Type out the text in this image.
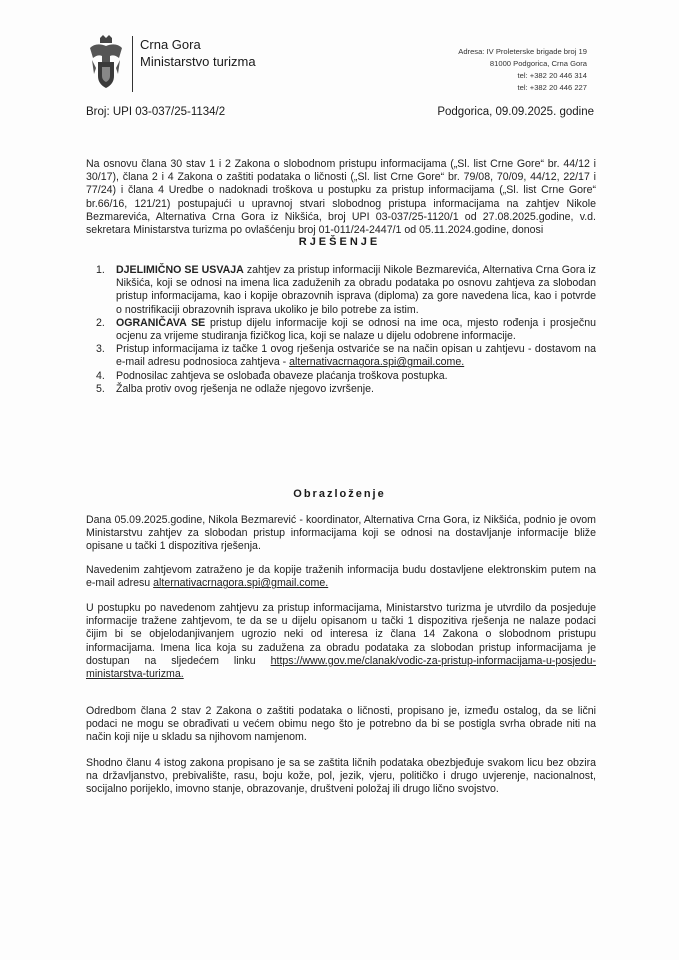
Crna Gora
Ministarstvo turizma
Adresa: IV Proleterske brigade broj 19
81000 Podgorica, Crna Gora
tel: +382 20 446 314
tel: +382 20 446 227
Broj: UPI 03-037/25-1134/2	Podgorica, 09.09.2025. godine
Na osnovu člana 30 stav 1 i 2 Zakona o slobodnom pristupu informacijama („Sl. list Crne Gore“ br. 44/12 i 30/17), člana 2 i 4 Zakona o zaštiti podataka o ličnosti („Sl. list Crne Gore“ br. 79/08, 70/09, 44/12, 22/17 i 77/24) i člana 4 Uredbe o nadoknadi troškova u postupku za pristup informacijama („Sl. list Crne Gore“ br.66/16, 121/21) postupajući u upravnoj stvari slobodnog pristupa informacijama na zahtjev Nikole Bezmarevića, Alternativa Crna Gora iz Nikšića, broj UPI 03-037/25-1120/1 od 27.08.2025.godine, v.d. sekretara Ministarstva turizma po ovlašćenju broj 01-011/24-2447/1 od 05.11.2024.godine, donosi
RJEŠENJE
1. DJELIMIČNO SE USVAJA zahtjev za pristup informaciji Nikole Bezmarevića, Alternativa Crna Gora iz Nikšića, koji se odnosi na imena lica zaduženih za obradu podataka po osnovu zahtjeva za slobodan pristup informacijama, kao i kopije obrazovnih isprava (diploma) za gore navedena lica, kao i potvrde o nostrifikaciji obrazovnih isprava ukoliko je bilo potrebe za istim.
2. OGRANIČAVA SE pristup dijelu informacije koji se odnosi na ime oca, mjesto rođenja i prosječnu ocjenu za vrijeme studiranja fizičkog lica, koji se nalaze u dijelu odobrene informacije.
3. Pristup informacijama iz tačke 1 ovog rješenja ostvariće se na način opisan u zahtjevu - dostavom na e-mail adresu podnosioca zahtjeva - alternativacrnagora.spi@gmail.come.
4. Podnosilac zahtjeva se oslobađa obaveze plaćanja troškova postupka.
5. Žalba protiv ovog rješenja ne odlaže njegovo izvršenje.
Obrazloženje
Dana 05.09.2025.godine, Nikola Bezmarević - koordinator, Alternativa Crna Gora, iz Nikšića, podnio je ovom Ministarstvu zahtjev za slobodan pristup informacijama koji se odnosi na dostavljanje informacije bliže opisane u tački 1 dispozitiva rješenja.
Navedenim zahtjevom zatraženo je da kopije traženih informacija budu dostavljene elektronskim putem na e-mail adresu alternativacrnagora.spi@gmail.come.
U postupku po navedenom zahtjevu za pristup informacijama, Ministarstvo turizma je utvrdilo da posjeduje informacije tražene zahtjevom, te da se u dijelu opisanom u tački 1 dispozitiva rješenja ne nalaze podaci čijim bi se objelodanjivanjem ugrozio neki od interesa iz člana 14 Zakona o slobodnom pristupu informacijama. Imena lica koja su zadužena za obradu podataka za slobodan pristup informacijama je dostupan na sljedećem linku https://www.gov.me/clanak/vodic-za-pristup-informacijama-u-posjedu-ministarstva-turizma.
Odredbom člana 2 stav 2 Zakona o zaštiti podataka o ličnosti, propisano je, između ostalog, da se lični podaci ne mogu se obrađivati u većem obimu nego što je potrebno da bi se postigla svrha obrade niti na način koji nije u skladu sa njihovom namjenom.
Shodno članu 4 istog zakona propisano je sa se zaštita ličnih podataka obezbjeđuje svakom licu bez obzira na državljanstvo, prebivalište, rasu, boju kože, pol, jezik, vjeru, političko i drugo uvjerenje, nacionalnost, socijalno porijeklo, imovno stanje, obrazovanje, društveni položaj ili drugo lično svojstvo.
